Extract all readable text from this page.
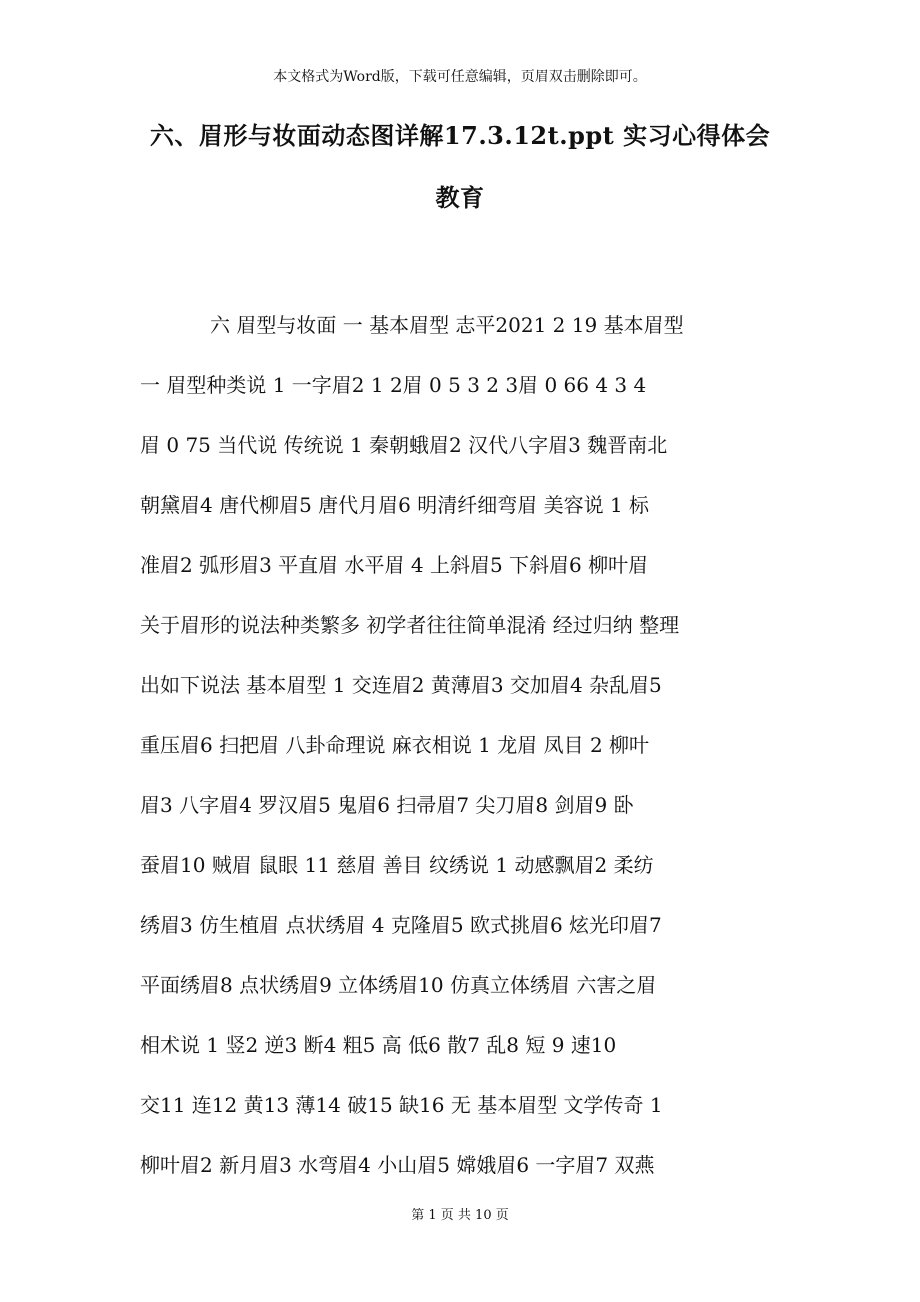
本文格式为Word版，下载可任意编辑，页眉双击删除即可。
六、眉形与妆面动态图详解17.3.12t.ppt 实习心得体会
教育
六 眉型与妆面 一 基本眉型 志平2021 2 19 基本眉型
一 眉型种类说 1 一字眉2 1 2眉 0 5 3 2 3眉 0 66 4 3 4
眉 0 75 当代说 传统说 1 秦朝蛾眉2 汉代八字眉3 魏晋南北
朝黛眉4 唐代柳眉5 唐代月眉6 明清纤细弯眉 美容说 1 标
准眉2 弧形眉3 平直眉 水平眉 4 上斜眉5 下斜眉6 柳叶眉
关于眉形的说法种类繁多 初学者往往简单混淆 经过归纳 整理
出如下说法 基本眉型 1 交连眉2 黄薄眉3 交加眉4 杂乱眉5
重压眉6 扫把眉 八卦命理说 麻衣相说 1 龙眉 凤目 2 柳叶
眉3 八字眉4 罗汉眉5 鬼眉6 扫帚眉7 尖刀眉8 剑眉9 卧
蚕眉10 贼眉 鼠眼 11 慈眉 善目 纹绣说 1 动感飘眉2 柔纺
绣眉3 仿生植眉 点状绣眉 4 克隆眉5 欧式挑眉6 炫光印眉7
平面绣眉8 点状绣眉9 立体绣眉10 仿真立体绣眉 六害之眉
相术说 1 竖2 逆3 断4 粗5 高 低6 散7 乱8 短 9 速10
交11 连12 黄13 薄14 破15 缺16 无 基本眉型 文学传奇 1
柳叶眉2 新月眉3 水弯眉4 小山眉5 嫦娥眉6 一字眉7 双燕
第 1 页 共 10 页
